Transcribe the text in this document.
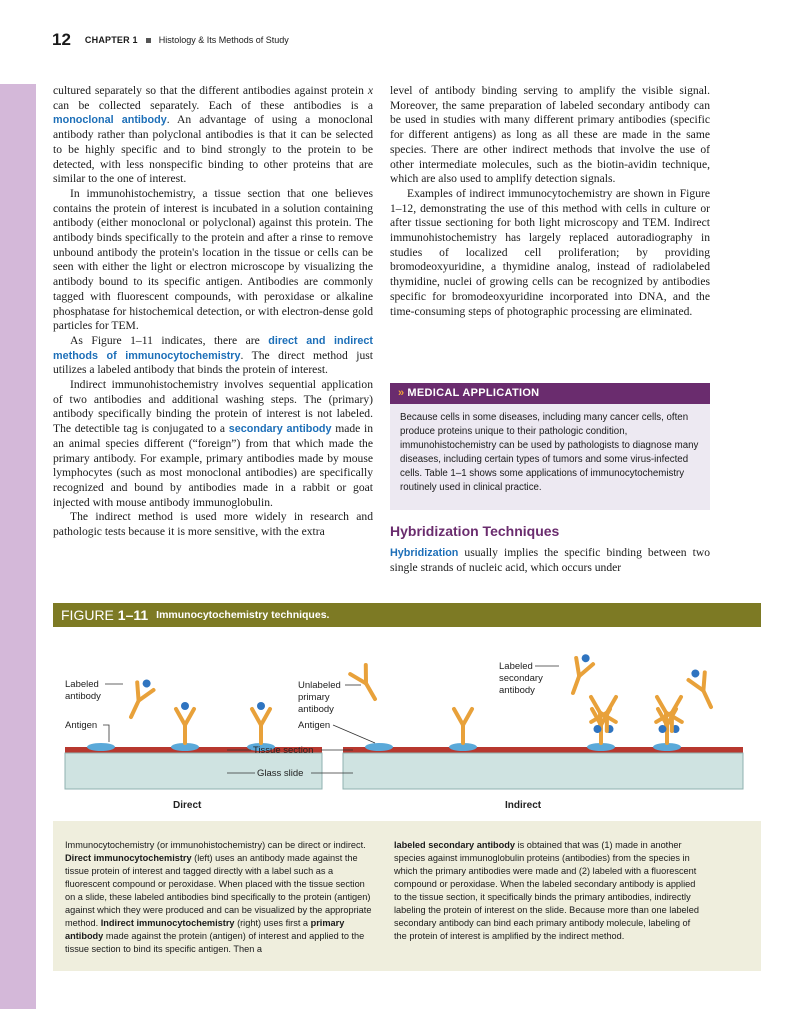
12 CHAPTER 1 Histology & Its Methods of Study

cultured separately so that the different antibodies against protein x can be collected separately. Each of these antibodies is a monoclonal antibody. An advantage of using a monoclonal antibody rather than polyclonal antibodies is that it can be selected to be highly specific and to bind strongly to the protein to be detected, with less nonspecific binding to other proteins that are similar to the one of interest.

In immunohistochemistry, a tissue section that one believes contains the protein of interest is incubated in a solution containing antibody (either monoclonal or polyclonal) against this protein. The antibody binds specifically to the protein and after a rinse to remove unbound antibody the protein's location in the tissue or cells can be seen with either the light or electron microscope by visualizing the antibody bound to its specific antigen. Antibodies are commonly tagged with fluorescent compounds, with peroxidase or alkaline phosphatase for histochemical detection, or with electron-dense gold particles for TEM.

As Figure 1–11 indicates, there are direct and indirect methods of immunocytochemistry. The direct method just utilizes a labeled antibody that binds the protein of interest.

Indirect immunohistochemistry involves sequential application of two antibodies and additional washing steps. The (primary) antibody specifically binding the protein of interest is not labeled. The detectible tag is conjugated to a secondary antibody made in an animal species different (“foreign”) from that which made the primary antibody. For example, primary antibodies made by mouse lymphocytes (such as most monoclonal antibodies) are specifically recognized and bound by antibodies made in a rabbit or goat injected with mouse antibody immunoglobulin.

The indirect method is used more widely in research and pathologic tests because it is more sensitive, with the extra

level of antibody binding serving to amplify the visible signal. Moreover, the same preparation of labeled secondary antibody can be used in studies with many different primary antibodies (specific for different antigens) as long as all these are made in the same species. There are other indirect methods that involve the use of other intermediate molecules, such as the biotin-avidin technique, which are also used to amplify detection signals.

Examples of indirect immunocytochemistry are shown in Figure 1–12, demonstrating the use of this method with cells in culture or after tissue sectioning for both light microscopy and TEM. Indirect immunohistochemistry has largely replaced autoradiography in studies of localized cell proliferation; by providing bromodeoxyuridine, a thymidine analog, instead of radiolabeled thymidine, nuclei of growing cells can be recognized by antibodies specific for bromodeoxyuridine incorporated into DNA, and the time-consuming steps of photographic processing are eliminated.

» MEDICAL APPLICATION
Because cells in some diseases, including many cancer cells, often produce proteins unique to their pathologic condition, immunohistochemistry can be used by pathologists to diagnose many diseases, including certain types of tumors and some virus-infected cells. Table 1–1 shows some applications of immunocytochemistry routinely used in clinical practice.
Hybridization Techniques
Hybridization usually implies the specific binding between two single strands of nucleic acid, which occurs under
FIGURE 1–11 Immunocytochemistry techniques.
Labeled
antibody
Antigen
Unlabeled
primary
antibody
Antigen
Labeled
secondary
antibody
Tissue section
Glass slide
Direct	Indirect

Immunocytochemistry (or immunohistochemistry) can be direct or indirect. Direct immunocytochemistry (left) uses an antibody made against the tissue protein of interest and tagged directly with a label such as a fluorescent compound or peroxidase. When placed with the tissue section on a slide, these labeled antibodies bind specifically to the protein (antigen) against which they were produced and can be visualized by the appropriate method. Indirect immunocytochemistry (right) uses first a primary antibody made against the protein (antigen) of interest and applied to the tissue section to bind its specific antigen. Then a

labeled secondary antibody is obtained that was (1) made in another species against immunoglobulin proteins (antibodies) from the species in which the primary antibodies were made and (2) labeled with a fluorescent compound or peroxidase. When the labeled secondary antibody is applied to the tissue section, it specifically binds the primary antibodies, indirectly labeling the protein of interest on the slide. Because more than one labeled secondary antibody can bind each primary antibody molecule, labeling of the protein of interest is amplified by the indirect method.
